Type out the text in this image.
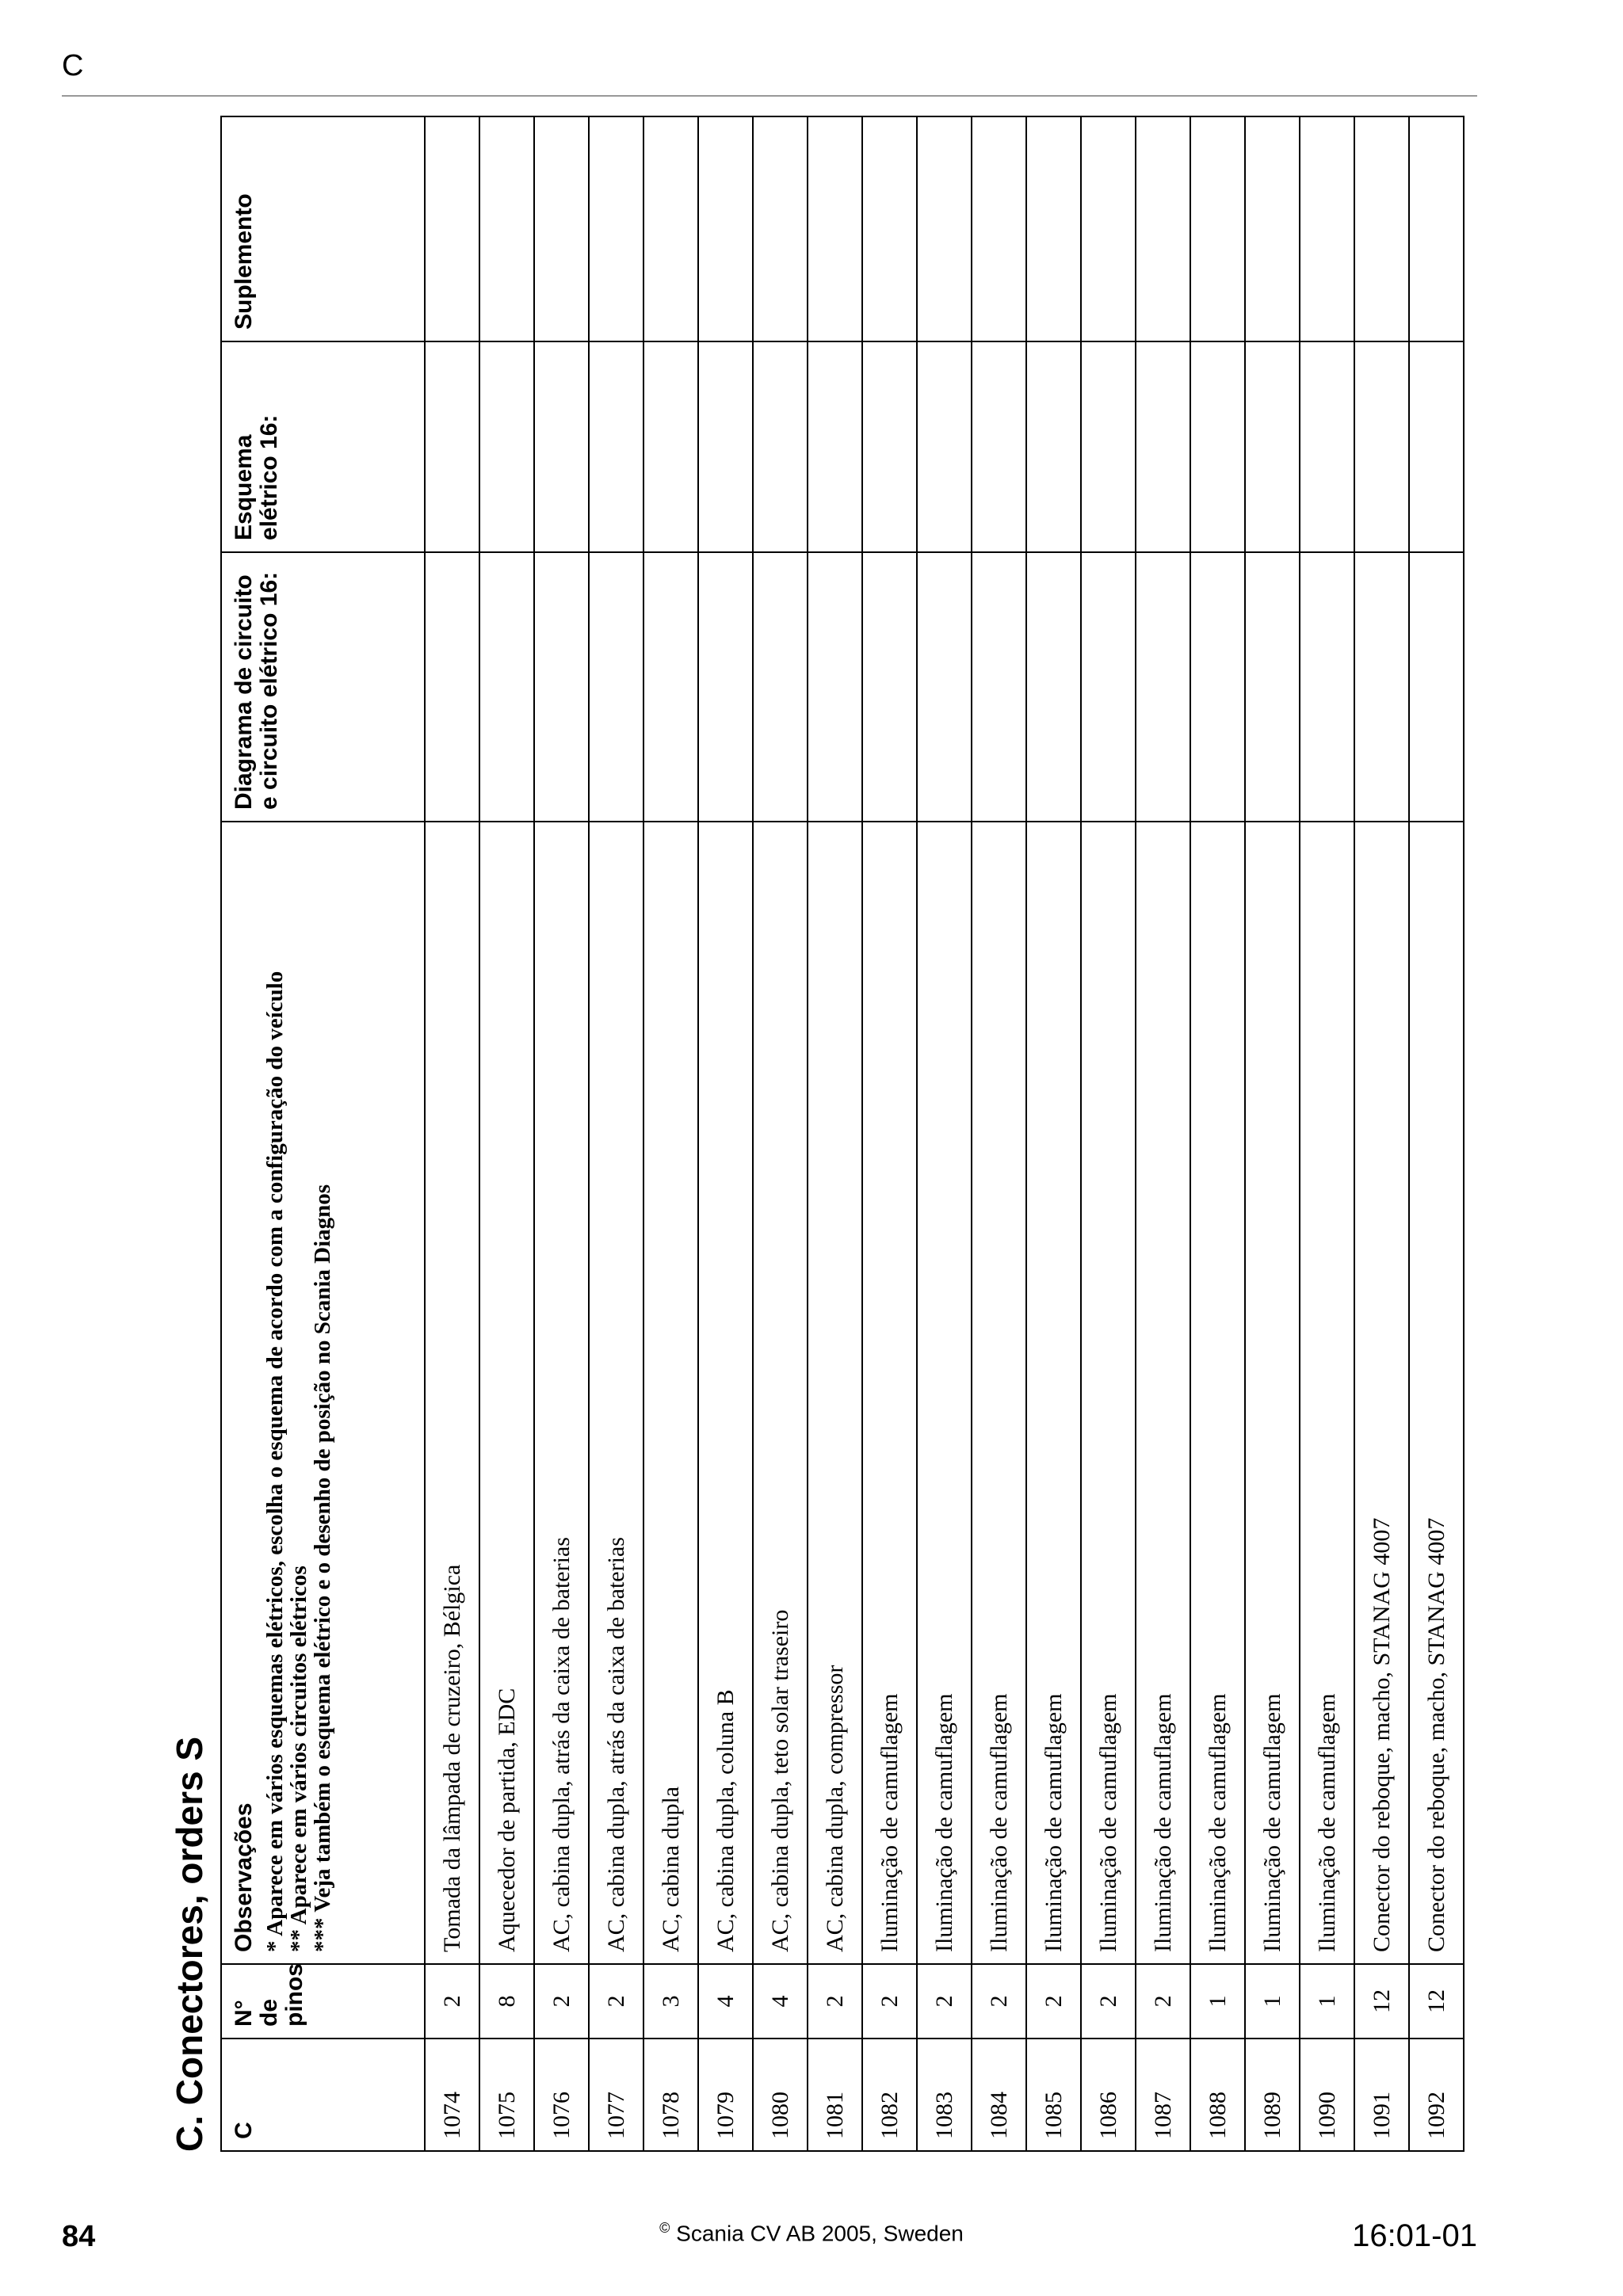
C
C. Conectores, orders S C	N° de pinos	Observações * Aparece em vários esquemas elétricos, escolha o esquema de acordo com a configuração do veículo
** Aparece em vários circuitos elétricos
*** Veja também o esquema elétrico e o desenho de posição no Scania Diagnos	Diagrama de circuito e circuito elétrico 16:	Esquema elétrico 16:	Suplemento

1074	2	Tomada da lâmpada de cruzeiro, Bélgica			
1075	8	Aquecedor de partida, EDC			
1076	2	AC, cabina dupla, atrás da caixa de baterias			
1077	2	AC, cabina dupla, atrás da caixa de baterias			
1078	3	AC, cabina dupla			
1079	4	AC, cabina dupla, coluna B			
1080	4	AC, cabina dupla, teto solar traseiro			
1081	2	AC, cabina dupla, compressor			
1082	2	Iluminação de camuflagem			
1083	2	Iluminação de camuflagem			
1084	2	Iluminação de camuflagem			
1085	2	Iluminação de camuflagem			
1086	2	Iluminação de camuflagem			
1087	2	Iluminação de camuflagem			
1088	1	Iluminação de camuflagem			
1089	1	Iluminação de camuflagem			
1090	1	Iluminação de camuflagem			
1091	12	Conector do reboque, macho, STANAG 4007			
1092	12	Conector do reboque, macho, STANAG 4007			
84	© Scania CV AB 2005, Sweden	16:01-01
